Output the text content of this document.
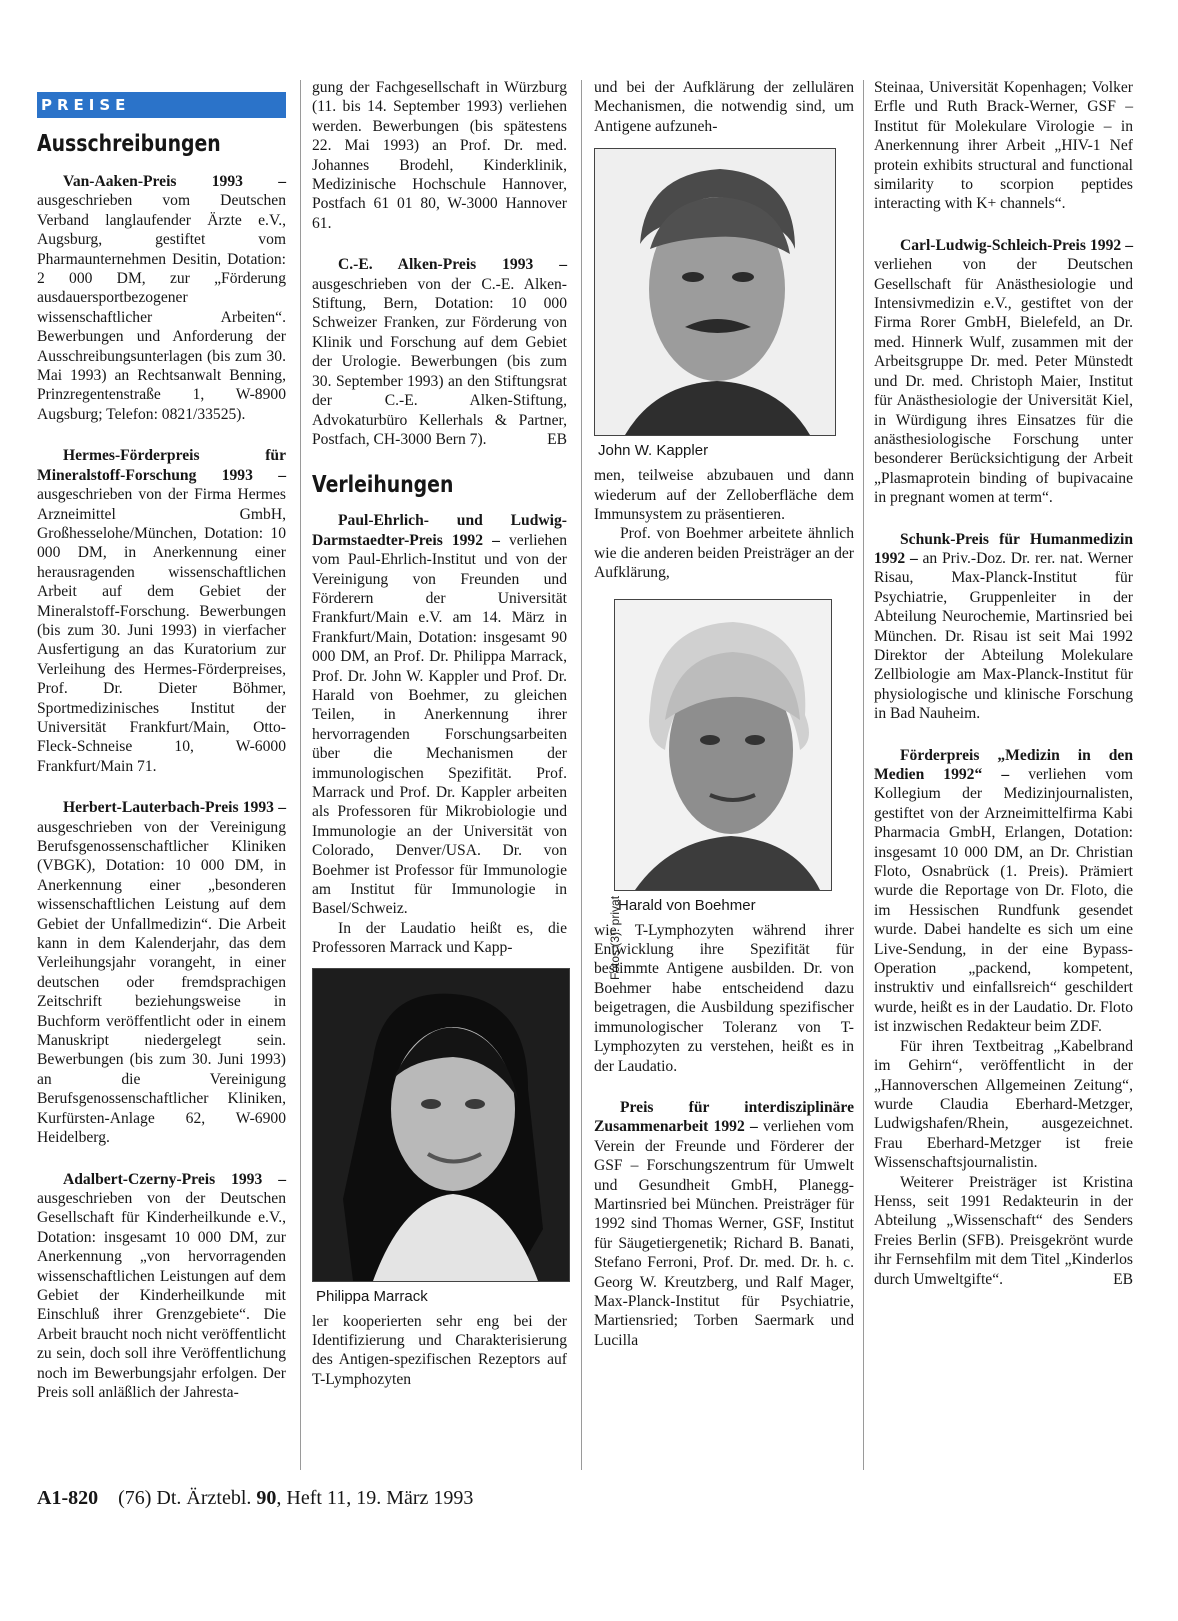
PREISE
Ausschreibungen

Van-Aaken-Preis 1993 – ausgeschrieben vom Deutschen Verband langlaufender Ärzte e.V., Augsburg, gestiftet vom Pharmaunternehmen Desitin, Dotation: 2 000 DM, zur „Förderung ausdauersportbezogener wissenschaftlicher Arbeiten“. Bewerbungen und Anforderung der Ausschreibungsunterlagen (bis zum 30. Mai 1993) an Rechtsanwalt Benning, Prinzregentenstraße 1, W-8900 Augsburg; Telefon: 0821/33525).

Hermes-Förderpreis für Mineralstoff-Forschung 1993 – ausgeschrieben von der Firma Hermes Arzneimittel GmbH, Großhesselohe/München, Dotation: 10 000 DM, in Anerkennung einer herausragenden wissenschaftlichen Arbeit auf dem Gebiet der Mineralstoff-Forschung. Bewerbungen (bis zum 30. Juni 1993) in vierfacher Ausfertigung an das Kuratorium zur Verleihung des Hermes-Förderpreises, Prof. Dr. Dieter Böhmer, Sportmedizinisches Institut der Universität Frankfurt/Main, Otto-Fleck-Schneise 10, W-6000 Frankfurt/Main 71.

Herbert-Lauterbach-Preis 1993 – ausgeschrieben von der Vereinigung Berufsgenossenschaftlicher Kliniken (VBGK), Dotation: 10 000 DM, in Anerkennung einer „besonderen wissenschaftlichen Leistung auf dem Gebiet der Unfallmedizin“. Die Arbeit kann in dem Kalenderjahr, das dem Verleihungsjahr vorangeht, in einer deutschen oder fremdsprachigen Zeitschrift beziehungsweise in Buchform veröffentlicht oder in einem Manuskript niedergelegt sein. Bewerbungen (bis zum 30. Juni 1993) an die Vereinigung Berufsgenossenschaftlicher Kliniken, Kurfürsten-Anlage 62, W-6900 Heidelberg.

Adalbert-Czerny-Preis 1993 – ausgeschrieben von der Deutschen Gesellschaft für Kinderheilkunde e.V., Dotation: insgesamt 10 000 DM, zur Anerkennung „von hervorragenden wissenschaftlichen Leistungen auf dem Gebiet der Kinderheilkunde mit Einschluß ihrer Grenzgebiete“. Die Arbeit braucht noch nicht veröffentlicht zu sein, doch soll ihre Veröffentlichung noch im Bewerbungsjahr erfolgen. Der Preis soll anläßlich der Jahresta-

gung der Fachgesellschaft in Würzburg (11. bis 14. September 1993) verliehen werden. Bewerbungen (bis spätestens 22. Mai 1993) an Prof. Dr. med. Johannes Brodehl, Kinderklinik, Medizinische Hochschule Hannover, Postfach 61 01 80, W-3000 Hannover 61.

C.-E. Alken-Preis 1993 – ausgeschrieben von der C.-E. Alken-Stiftung, Bern, Dotation: 10 000 Schweizer Franken, zur Förderung von Klinik und Forschung auf dem Gebiet der Urologie. Bewerbungen (bis zum 30. September 1993) an den Stiftungsrat der C.-E. Alken-Stiftung, Advokaturbüro Kellerhals & Partner, Postfach, CH-3000 Bern 7).	EB

Verleihungen

Paul-Ehrlich- und Ludwig-Darmstaedter-Preis 1992 – verliehen vom Paul-Ehrlich-Institut und von der Vereinigung von Freunden und Förderern der Universität Frankfurt/Main e.V. am 14. März in Frankfurt/Main, Dotation: insgesamt 90 000 DM, an Prof. Dr. Philippa Marrack, Prof. Dr. John W. Kappler und Prof. Dr. Harald von Boehmer, zu gleichen Teilen, in Anerkennung ihrer hervorragenden Forschungsarbeiten über die Mechanismen der immunologischen Spezifität. Prof. Marrack und Prof. Dr. Kappler arbeiten als Professoren für Mikrobiologie und Immunologie an der Universität von Colorado, Denver/USA. Dr. von Boehmer ist Professor für Immunologie am Institut für Immunologie in Basel/Schweiz.

In der Laudatio heißt es, die Professoren Marrack und Kapp-

Philippa Marrack

ler kooperierten sehr eng bei der Identifizierung und Charakterisierung des Antigen-spezifischen Rezeptors auf T-Lymphozyten

und bei der Aufklärung der zellulären Mechanismen, die notwendig sind, um Antigene aufzuneh-

John W. Kappler

men, teilweise abzubauen und dann wiederum auf der Zelloberfläche dem Immunsystem zu präsentieren.

Prof. von Boehmer arbeitete ähnlich wie die anderen beiden Preisträger an der Aufklärung,

Fotos (3): privat
Harald von Boehmer

wie T-Lymphozyten während ihrer Entwicklung ihre Spezifität für bestimmte Antigene ausbilden. Dr. von Boehmer habe entscheidend dazu beigetragen, die Ausbildung spezifischer immunologischer Toleranz von T-Lymphozyten zu verstehen, heißt es in der Laudatio.

Preis für interdisziplinäre Zusammenarbeit 1992 – verliehen vom Verein der Freunde und Förderer der GSF – Forschungszentrum für Umwelt und Gesundheit GmbH, Planegg-Martinsried bei München. Preisträger für 1992 sind Thomas Werner, GSF, Institut für Säugetiergenetik; Richard B. Banati, Stefano Ferroni, Prof. Dr. med. Dr. h. c. Georg W. Kreutzberg, und Ralf Mager, Max-Planck-Institut für Psychiatrie, Martiensried; Torben Saermark und Lucilla

Steinaa, Universität Kopenhagen; Volker Erfle und Ruth Brack-Werner, GSF – Institut für Molekulare Virologie – in Anerkennung ihrer Arbeit „HIV-1 Nef protein exhibits structural and functional similarity to scorpion peptides interacting with K+ channels“.

Carl-Ludwig-Schleich-Preis 1992 – verliehen von der Deutschen Gesellschaft für Anästhesiologie und Intensivmedizin e.V., gestiftet von der Firma Rorer GmbH, Bielefeld, an Dr. med. Hinnerk Wulf, zusammen mit der Arbeitsgruppe Dr. med. Peter Münstedt und Dr. med. Christoph Maier, Institut für Anästhesiologie der Universität Kiel, in Würdigung ihres Einsatzes für die anästhesiologische Forschung unter besonderer Berücksichtigung der Arbeit „Plasmaprotein binding of bupivacaine in pregnant women at term“.

Schunk-Preis für Humanmedizin 1992 – an Priv.-Doz. Dr. rer. nat. Werner Risau, Max-Planck-Institut für Psychiatrie, Gruppenleiter in der Abteilung Neurochemie, Martinsried bei München. Dr. Risau ist seit Mai 1992 Direktor der Abteilung Molekulare Zellbiologie am Max-Planck-Institut für physiologische und klinische Forschung in Bad Nauheim.

Förderpreis „Medizin in den Medien 1992“ – verliehen vom Kollegium der Medizinjournalisten, gestiftet von der Arzneimittelfirma Kabi Pharmacia GmbH, Erlangen, Dotation: insgesamt 10 000 DM, an Dr. Christian Floto, Osnabrück (1. Preis). Prämiert wurde die Reportage von Dr. Floto, die im Hessischen Rundfunk gesendet wurde. Dabei handelte es sich um eine Live-Sendung, in der eine Bypass-Operation „packend, kompetent, instruktiv und einfallsreich“ geschildert wurde, heißt es in der Laudatio. Dr. Floto ist inzwischen Redakteur beim ZDF.

Für ihren Textbeitrag „Kabelbrand im Gehirn“, veröffentlicht in der „Hannoverschen Allgemeinen Zeitung“, wurde Claudia Eberhard-Metzger, Ludwigshafen/Rhein, ausgezeichnet. Frau Eberhard-Metzger ist freie Wissenschaftsjournalistin.

Weiterer Preisträger ist Kristina Henss, seit 1991 Redakteurin in der Abteilung „Wissenschaft“ des Senders Freies Berlin (SFB). Preisgekrönt wurde ihr Fernsehfilm mit dem Titel „Kinderlos durch Umweltgifte“.	EB

A1-820 (76) Dt. Ärztebl. 90, Heft 11, 19. März 1993
